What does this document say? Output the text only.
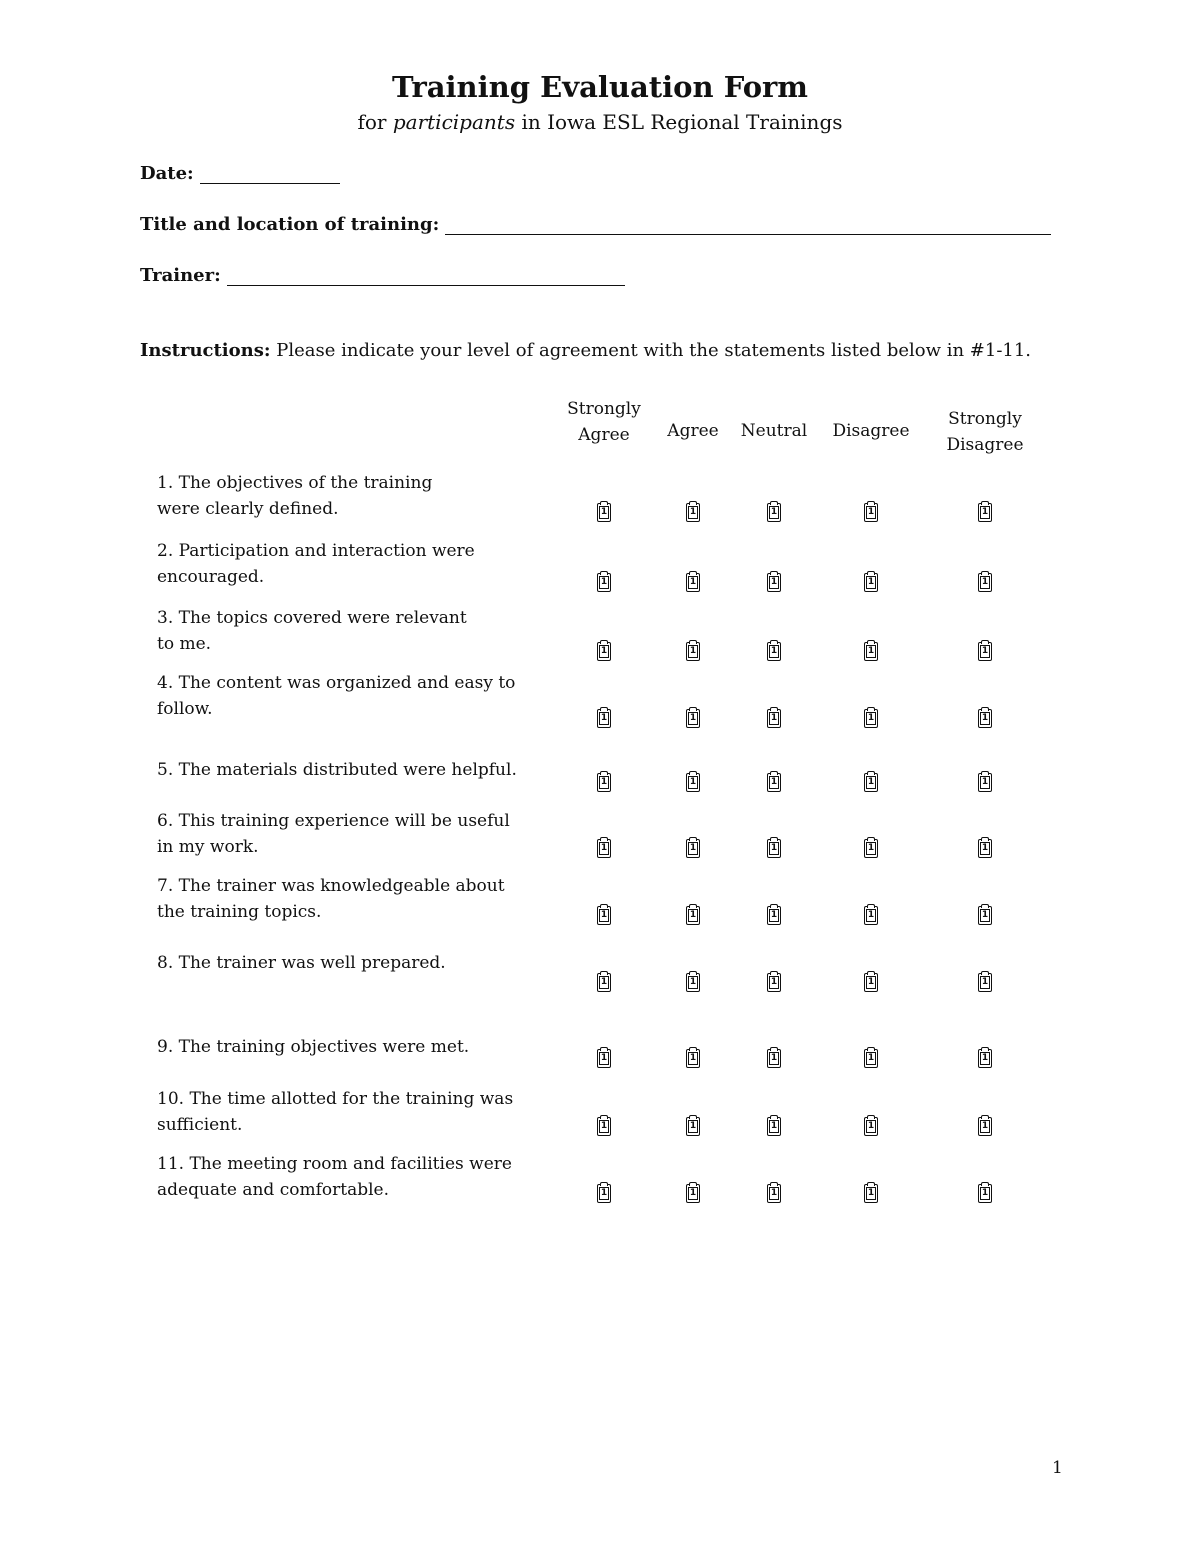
Training Evaluation Form
for participants in Iowa ESL Regional Trainings
Date:
Title and location of training:
Trainer:
Instructions: Please indicate your level of agreement with the statements listed below in #1-11.
Strongly
Agree	Agree Neutral Disagree
Strongly
Disagree
1. The objectives of the training
were clearly defined.
2. Participation and interaction were
encouraged.
3. The topics covered were relevant
to me.
4. The content was organized and easy to
follow.
5. The materials distributed were helpful.
6. This training experience will be useful
in my work.
7. The trainer was knowledgeable about
the training topics.
8. The trainer was well prepared.
9. The training objectives were met.
10. The time allotted for the training was
sufficient.
11. The meeting room and facilities were
adequate and comfortable.
1
1
1
1
1
1
1
1
1
1
1
1
1
1
1
1
1
1
1
1
1
1
1
1
1
1
1
1
1
1
1
1
1
1
1
1
1
1
1
1
1
1
1
1
1
1
1
1
1
1
1
1
1
1
1
1
